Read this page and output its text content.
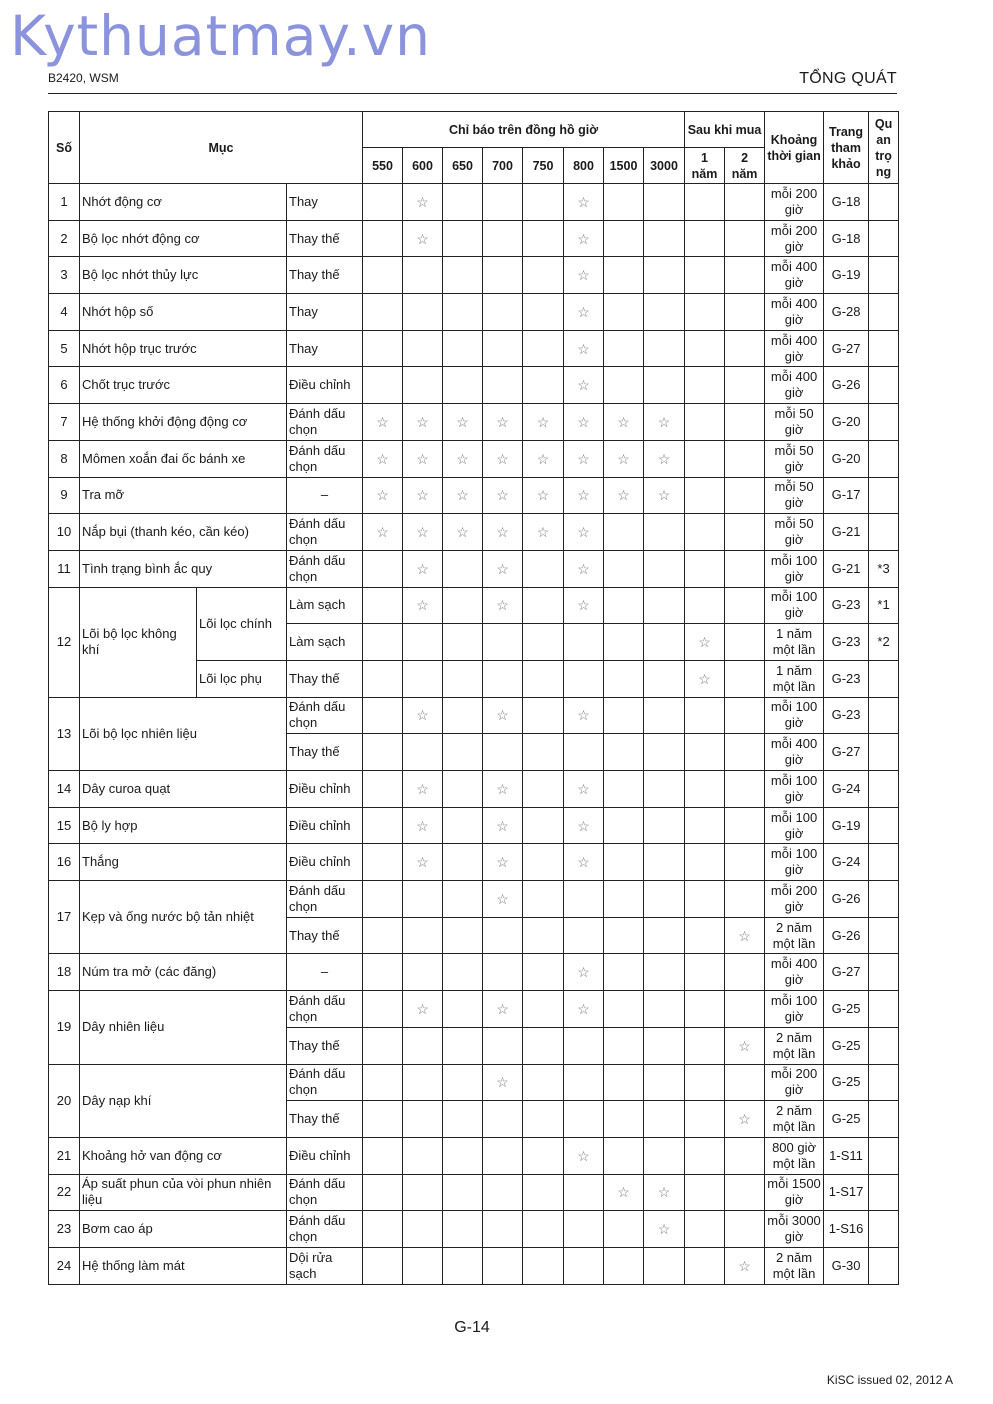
Kythuatmay.vn
B2420, WSM	TỔNG QUÁT
Số	Mục			Chỉ báo trên đồng hồ giờ								Sau khi mua		Khoảng thời gian	Trang tham khảo	Qu an trọ ng
				550	600	650	700	750	800	1500	3000	1 năm	2 năm			
1	Nhớt động cơ		Thay		☆				☆					mỗi 200 giờ	G-18	
2	Bộ lọc nhớt động cơ		Thay thế		☆				☆					mỗi 200 giờ	G-18	
3	Bộ lọc nhớt thủy lực		Thay thế						☆					mỗi 400 giờ	G-19	
4	Nhớt hộp số		Thay						☆					mỗi 400 giờ	G-28	
5	Nhớt hộp trục trước		Thay						☆					mỗi 400 giờ	G-27	
6	Chốt trục trước		Điều chỉnh						☆					mỗi 400 giờ	G-26	
7	Hệ thống khởi động động cơ		Đánh dấu chọn	☆	☆	☆	☆	☆	☆	☆	☆			mỗi 50 giờ	G-20	
8	Mômen xoắn đai ốc bánh xe		Đánh dấu chọn	☆	☆	☆	☆	☆	☆	☆	☆			mỗi 50 giờ	G-20	
9	Tra mỡ		–	☆	☆	☆	☆	☆	☆	☆	☆			mỗi 50 giờ	G-17	
10	Nắp bụi (thanh kéo, cần kéo)		Đánh dấu chọn	☆	☆	☆	☆	☆	☆					mỗi 50 giờ	G-21	
11	Tình trạng bình ắc quy		Đánh dấu chọn		☆		☆		☆					mỗi 100 giờ	G-21	*3
12	Lõi bộ lọc không khí	Lõi lọc chính	Làm sạch		☆		☆		☆					mỗi 100 giờ	G-23	*1
			Làm sạch									☆		1 năm một lần	G-23	*2
		Lõi lọc phụ	Thay thế									☆		1 năm một lần	G-23	
13	Lõi bộ lọc nhiên liệu		Đánh dấu chọn		☆		☆		☆					mỗi 100 giờ	G-23	
			Thay thế											mỗi 400 giờ	G-27	
14	Dây curoa quạt		Điều chỉnh		☆		☆		☆					mỗi 100 giờ	G-24	
15	Bộ ly hợp		Điều chỉnh		☆		☆		☆					mỗi 100 giờ	G-19	
16	Thắng		Điều chỉnh		☆		☆		☆					mỗi 100 giờ	G-24	
17	Kẹp và ống nước bộ tản nhiệt		Đánh dấu chọn				☆							mỗi 200 giờ	G-26	
			Thay thế										☆	2 năm một lần	G-26	
18	Núm tra mở (các đăng)		–						☆					mỗi 400 giờ	G-27	
19	Dây nhiên liệu		Đánh dấu chọn		☆		☆		☆					mỗi 100 giờ	G-25	
			Thay thế										☆	2 năm một lần	G-25	
20	Dây nạp khí		Đánh dấu chọn				☆							mỗi 200 giờ	G-25	
			Thay thế										☆	2 năm một lần	G-25	
21	Khoảng hở van động cơ		Điều chỉnh						☆					800 giờ một lần	1-S11	
22	Áp suất phun của vòi phun nhiên liệu		Đánh dấu chọn							☆	☆			mỗi 1500 giờ	1-S17	
23	Bơm cao áp		Đánh dấu chọn								☆			mỗi 3000 giờ	1-S16	
24	Hệ thống làm mát		Dội rửa sạch										☆	2 năm một lần	G-30	
G-14
KiSC issued 02, 2012 A
